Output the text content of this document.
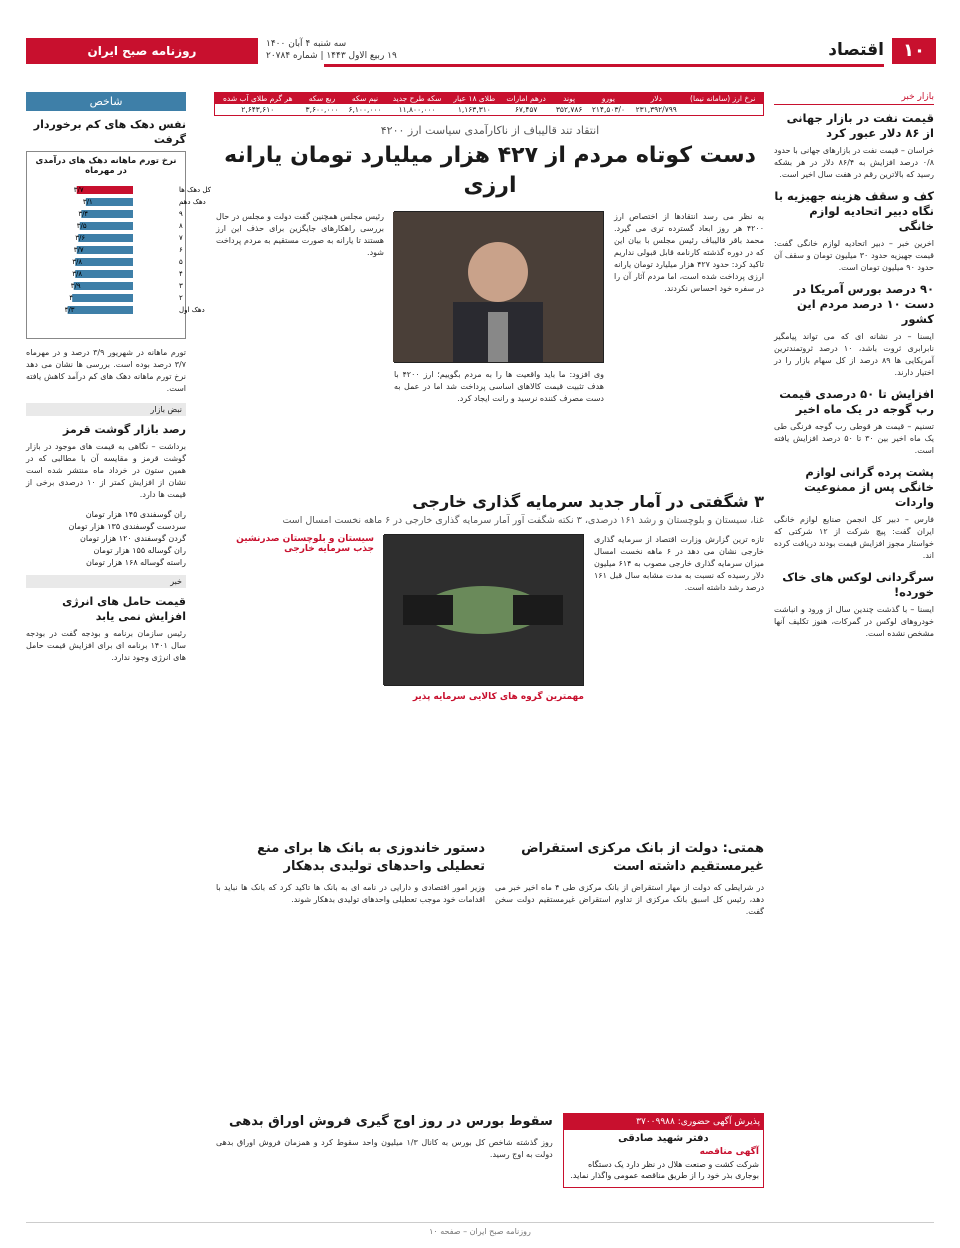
۱۰
اقتصاد
سه شنبه ۴ آبان ۱۴۰۰
۱۹ ربیع الاول ۱۴۴۳ | شماره ۲۰۷۸۴
روزنامه صبح ایران
بازار خبر
قیمت نفت در بازار جهانی از ۸۶ دلار عبور کرد

خراسان – قیمت نفت در بازارهای جهانی با حدود ۰/۸ درصد افزایش به ۸۶/۴ دلار در هر بشکه رسید که بالاترین رقم در هفت سال اخیر است.

کف و سقف هزینه جهیزیه با نگاه دبیر اتحادیه لوازم خانگی

اخرین خبر – دبیر اتحادیه لوازم خانگی گفت: قیمت جهیزیه حدود ۳۰ میلیون تومان و سقف آن حدود ۹۰ میلیون تومان است.

۹۰ درصد بورس آمریکا در دست ۱۰ درصد مردم این کشور

ایسنا – در نشانه ای که می تواند پیامگیر نابرابری ثروت باشد، ۱۰ درصد ثروتمندترین آمریکایی ها ۸۹ درصد از کل سهام بازار را در اختیار دارند.

افزایش تا ۵۰ درصدی قیمت رب گوجه در یک ماه اخیر

تسنیم – قیمت هر قوطی رب گوجه فرنگی طی یک ماه اخیر بین ۳۰ تا ۵۰ درصد افزایش یافته است.

پشت پرده گرانی لوازم خانگی پس از ممنوعیت واردات

فارس – دبیر کل انجمن صنایع لوازم خانگی ایران گفت: پیچ شرکت از ۱۲ شرکتی که خواستار مجوز افزایش قیمت بودند دریافت کرده اند.

سرگردانی لوکس های خاک خورده!

ایسنا – با گذشت چندین سال از ورود و انباشت خودروهای لوکس در گمرکات، هنوز تکلیف آنها مشخص نشده است.

نرخ ارز (سامانه نیما)	دلار	یورو	پوند	درهم امارات	طلای ۱۸ عیار	سکه طرح جدید	نیم سکه	ربع سکه	هر گرم طلای آب شده
	۲۳۱,۳۹۲/۷۹۹	۲۱۴,۵۰۳/۰	۳۵۲,۷۸۶	۶۷,۴۵۷	۱,۱۶۳,۳۱۰	۱۱,۸۰۰,۰۰۰	۶,۱۰۰,۰۰۰	۳,۶۰۰,۰۰۰	۲,۶۴۳,۶۱۰
انتقاد تند قالیباف از ناکارآمدی سیاست ارز ۴۲۰۰
دست کوتاه مردم از ۴۲۷ هزار میلیارد تومان یارانه ارزی

به نظر می رسد انتقادها از اختصاص ارز ۴۲۰۰ هر روز ابعاد گسترده تری می گیرد. محمد باقر قالیباف رئیس مجلس با بیان این که در دوره گذشته کارنامه قابل قبولی نداریم تاکید کرد: حدود ۴۲۷ هزار میلیارد تومان یارانه ارزی پرداخت شده است، اما مردم آثار آن را در سفره خود احساس نکردند.

وی افزود: ما باید واقعیت ها را به مردم بگوییم؛ ارز ۴۲۰۰ با هدف تثبیت قیمت کالاهای اساسی پرداخت شد اما در عمل به دست مصرف کننده نرسید و رانت ایجاد کرد.

رئیس مجلس همچنین گفت دولت و مجلس در حال بررسی راهکارهای جایگزین برای حذف این ارز هستند تا یارانه به صورت مستقیم به مردم پرداخت شود.

۳ شگفتی در آمار جدید سرمایه گذاری خارجی
غنا، سیستان و بلوچستان و رشد ۱۶۱ درصدی، ۳ نکته شگفت آور آمار سرمایه گذاری خارجی در ۶ ماهه نخست امسال است

تازه ترین گزارش وزارت اقتصاد از سرمایه گذاری خارجی نشان می دهد در ۶ ماهه نخست امسال میزان سرمایه گذاری خارجی مصوب به ۶۱۴ میلیون دلار رسیده که نسبت به مدت مشابه سال قبل ۱۶۱ درصد رشد داشته است.

مهمترین گروه های کالایی سرمایه پذیر
سیستان و بلوچستان صدرنشین جذب سرمایه خارجی
همتی: دولت از بانک مرکزی استقراض غیرمستقیم داشته است

در شرایطی که دولت از مهار استقراض از بانک مرکزی طی ۴ ماه اخیر خبر می دهد، رئیس کل اسبق بانک مرکزی از تداوم استقراض غیرمستقیم دولت سخن گفت.

دستور خاندوزی به بانک ها برای منع تعطیلی واحدهای تولیدی بدهکار

وزیر امور اقتصادی و دارایی در نامه ای به بانک ها تاکید کرد که بانک ها نباید با اقدامات خود موجب تعطیلی واحدهای تولیدی بدهکار شوند.

پذیرش آگهی حضوری: ۳۷۰۰۹۹۸۸
دفتر شهید صادقی
آگهی مناقصه
شرکت کشت و صنعت هلال در نظر دارد یک دستگاه بوجاری بذر خود را از طریق مناقصه عمومی واگذار نماید.
سقوط بورس در روز اوج گیری فروش اوراق بدهی

روز گذشته شاخص کل بورس به کانال ۱/۳ میلیون واحد سقوط کرد و همزمان فروش اوراق بدهی دولت به اوج رسید.

شاخص
نفس دهک های کم برخوردار گرفت
نرخ تورم ماهانه دهک های درآمدی در مهرماه
کل دهک ها
۳/۷
دهک دهم
۳/۱
۹
۳/۴
۸
۳/۵
۷
۳/۶
۶
۳/۷
۵
۳/۸
۴
۳/۸
۳
۳/۹
۲
۴
دهک اول
۴/۳

تورم ماهانه در شهریور ۳/۹ درصد و در مهرماه ۳/۷ درصد بوده است. بررسی ها نشان می دهد نرخ تورم ماهانه دهک های کم درآمد کاهش یافته است.

نبض بازار
رصد بازار گوشت قرمز

برداشت – نگاهی به قیمت های موجود در بازار گوشت قرمز و مقایسه آن با مطالبی که در همین ستون در خرداد ماه منتشر شده است نشان از افزایش کمتر از ۱۰ درصدی برخی از قیمت ها دارد.

ران گوسفندی ۱۴۵ هزار تومان
سردست گوسفندی ۱۳۵ هزار تومان
گردن گوسفندی ۱۲۰ هزار تومان
ران گوساله ۱۵۵ هزار تومان
راسته گوساله ۱۶۸ هزار تومان
خبر
قیمت حامل های انرژی افزایش نمی یابد

رئیس سازمان برنامه و بودجه گفت در بودجه سال ۱۴۰۱ برنامه ای برای افزایش قیمت حامل های انرژی وجود ندارد.

روزنامه صبح ایران – صفحه ۱۰
